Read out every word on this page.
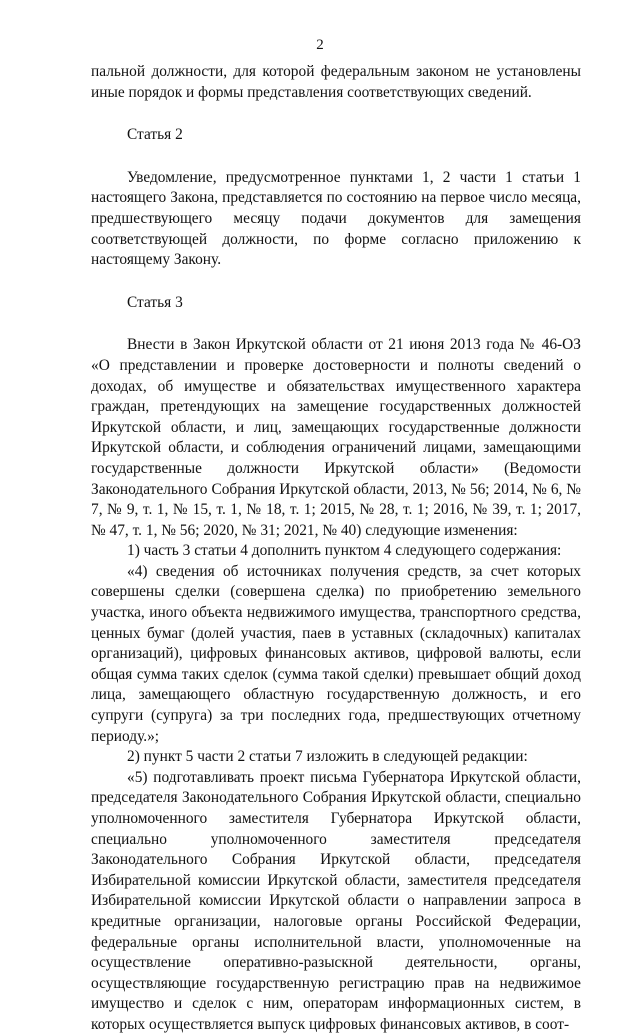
2

пальной должности, для которой федеральным законом не установлены иные порядок и формы представления соответствующих сведений.

Статья 2

Уведомление, предусмотренное пунктами 1, 2 части 1 статьи 1 настоящего Закона, представляется по состоянию на первое число месяца, предшествующего месяцу подачи документов для замещения соответствующей должности, по форме согласно приложению к настоящему Закону.

Статья 3

Внести в Закон Иркутской области от 21 июня 2013 года № 46-ОЗ «О представлении и проверке достоверности и полноты сведений о доходах, об имуществе и обязательствах имущественного характера граждан, претендующих на замещение государственных должностей Иркутской области, и лиц, замещающих государственные должности Иркутской области, и соблюдения ограничений лицами, замещающими государственные должности Иркутской области» (Ведомости Законодательного Собрания Иркутской области, 2013, № 56; 2014, № 6, № 7, № 9, т. 1, № 15, т. 1, № 18, т. 1; 2015, № 28, т. 1; 2016, № 39, т. 1; 2017, № 47, т. 1, № 56; 2020, № 31; 2021, № 40) следующие изменения:

1) часть 3 статьи 4 дополнить пунктом 4 следующего содержания:

«4) сведения об источниках получения средств, за счет которых совершены сделки (совершена сделка) по приобретению земельного участка, иного объекта недвижимого имущества, транспортного средства, ценных бумаг (долей участия, паев в уставных (складочных) капиталах организаций), цифровых финансовых активов, цифровой валюты, если общая сумма таких сделок (сумма такой сделки) превышает общий доход лица, замещающего областную государственную должность, и его супруги (супруга) за три последних года, предшествующих отчетному периоду.»;

2) пункт 5 части 2 статьи 7 изложить в следующей редакции:

«5) подготавливать проект письма Губернатора Иркутской области, председателя Законодательного Собрания Иркутской области, специально уполномоченного заместителя Губернатора Иркутской области, специально уполномоченного заместителя председателя Законодательного Собрания Иркутской области, председателя Избирательной комиссии Иркутской области, заместителя председателя Избирательной комиссии Иркутской области о направлении запроса в кредитные организации, налоговые органы Российской Федерации, федеральные органы исполнительной власти, уполномоченные на осуществление оперативно-разыскной деятельности, органы, осуществляющие государственную регистрацию прав на недвижимое имущество и сделок с ним, операторам информационных систем, в которых осуществляется выпуск цифровых финансовых активов, в соот-
